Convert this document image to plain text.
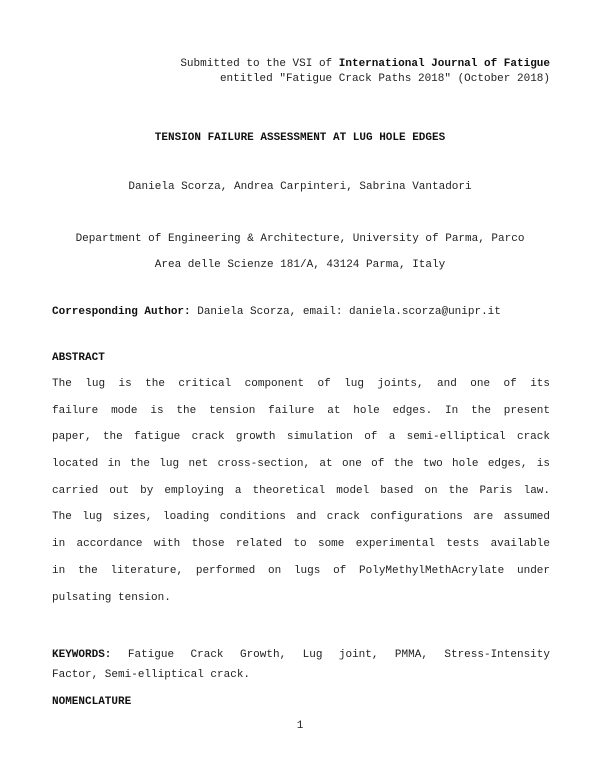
Submitted to the VSI of International Journal of Fatigue
entitled "Fatigue Crack Paths 2018" (October 2018)
TENSION FAILURE ASSESSMENT AT LUG HOLE EDGES
Daniela Scorza, Andrea Carpinteri, Sabrina Vantadori
Department of Engineering & Architecture, University of Parma, Parco
Area delle Scienze 181/A, 43124 Parma, Italy
Corresponding Author: Daniela Scorza, email: daniela.scorza@unipr.it
ABSTRACT
The lug is the critical component of lug joints, and one of its
failure mode is the tension failure at hole edges. In the present
paper, the fatigue crack growth simulation of a semi-elliptical crack
located in the lug net cross-section, at one of the two hole edges, is
carried out by employing a theoretical model based on the Paris law.
The lug sizes, loading conditions and crack configurations are assumed
in accordance with those related to some experimental tests available
in the literature, performed on lugs of PolyMethylMethAcrylate under
pulsating tension.
KEYWORDS: Fatigue Crack Growth, Lug joint, PMMA, Stress-Intensity
Factor, Semi-elliptical crack.
NOMENCLATURE
1
